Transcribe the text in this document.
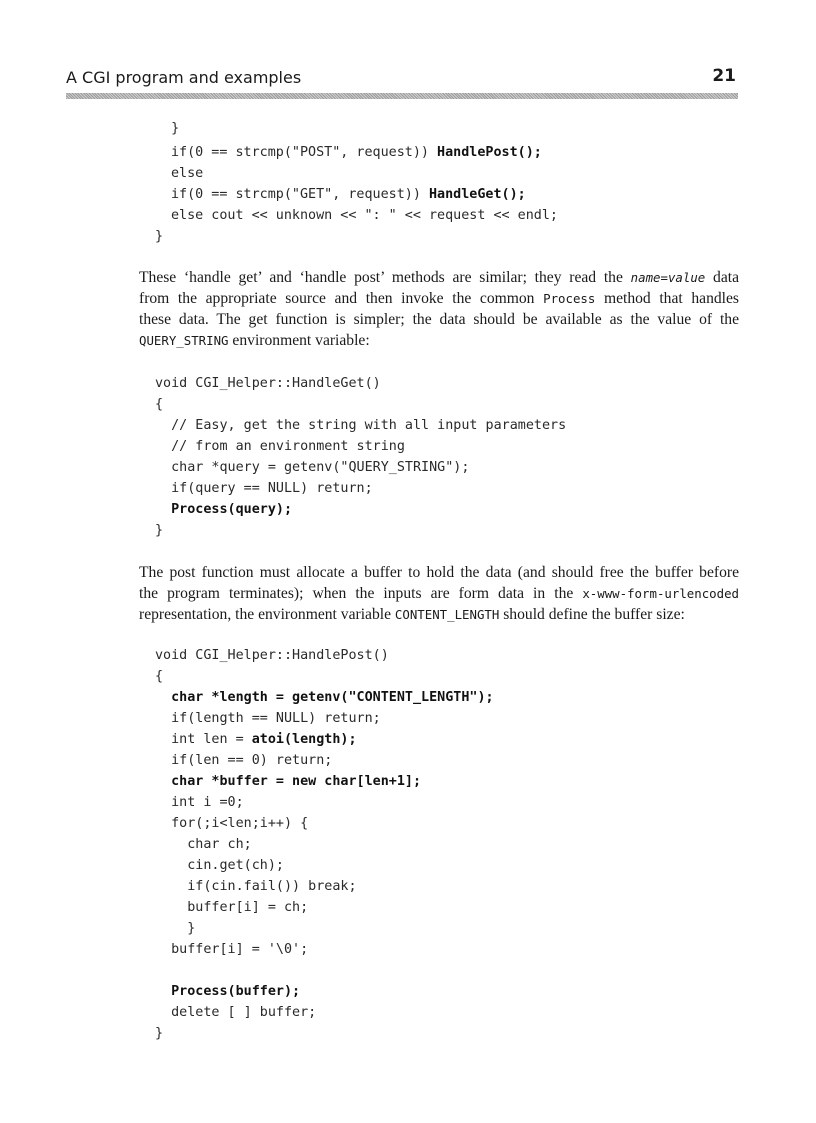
A CGI program and examples	21

}

if(0 == strcmp("POST", request)) HandlePost();

else

if(0 == strcmp("GET", request)) HandleGet();

else cout << unknown << ": " << request << endl;

}

These ‘handle get’ and ‘handle post’ methods are similar; they read the name=value data
from the appropriate source and then invoke the common Process method that handles
these data. The get function is simpler; the data should be available as the value of the
QUERY_STRING environment variable:

void CGI_Helper::HandleGet()

{

// Easy, get the string with all input parameters

// from an environment string

char *query = getenv("QUERY_STRING");

if(query == NULL) return;

Process(query);

}

The post function must allocate a buffer to hold the data (and should free the buffer before
the program terminates); when the inputs are form data in the x-www-form-urlencoded
representation, the environment variable CONTENT_LENGTH should define the buffer size:

void CGI_Helper::HandlePost()

{

char *length = getenv("CONTENT_LENGTH");

if(length == NULL) return;

int len = atoi(length);

if(len == 0) return;

char *buffer = new char[len+1];

int i =0;

for(;i<len;i++) {

char ch;

cin.get(ch);

if(cin.fail()) break;

buffer[i] = ch;

}

buffer[i] = '\0';

Process(buffer);

delete [ ] buffer;

}
